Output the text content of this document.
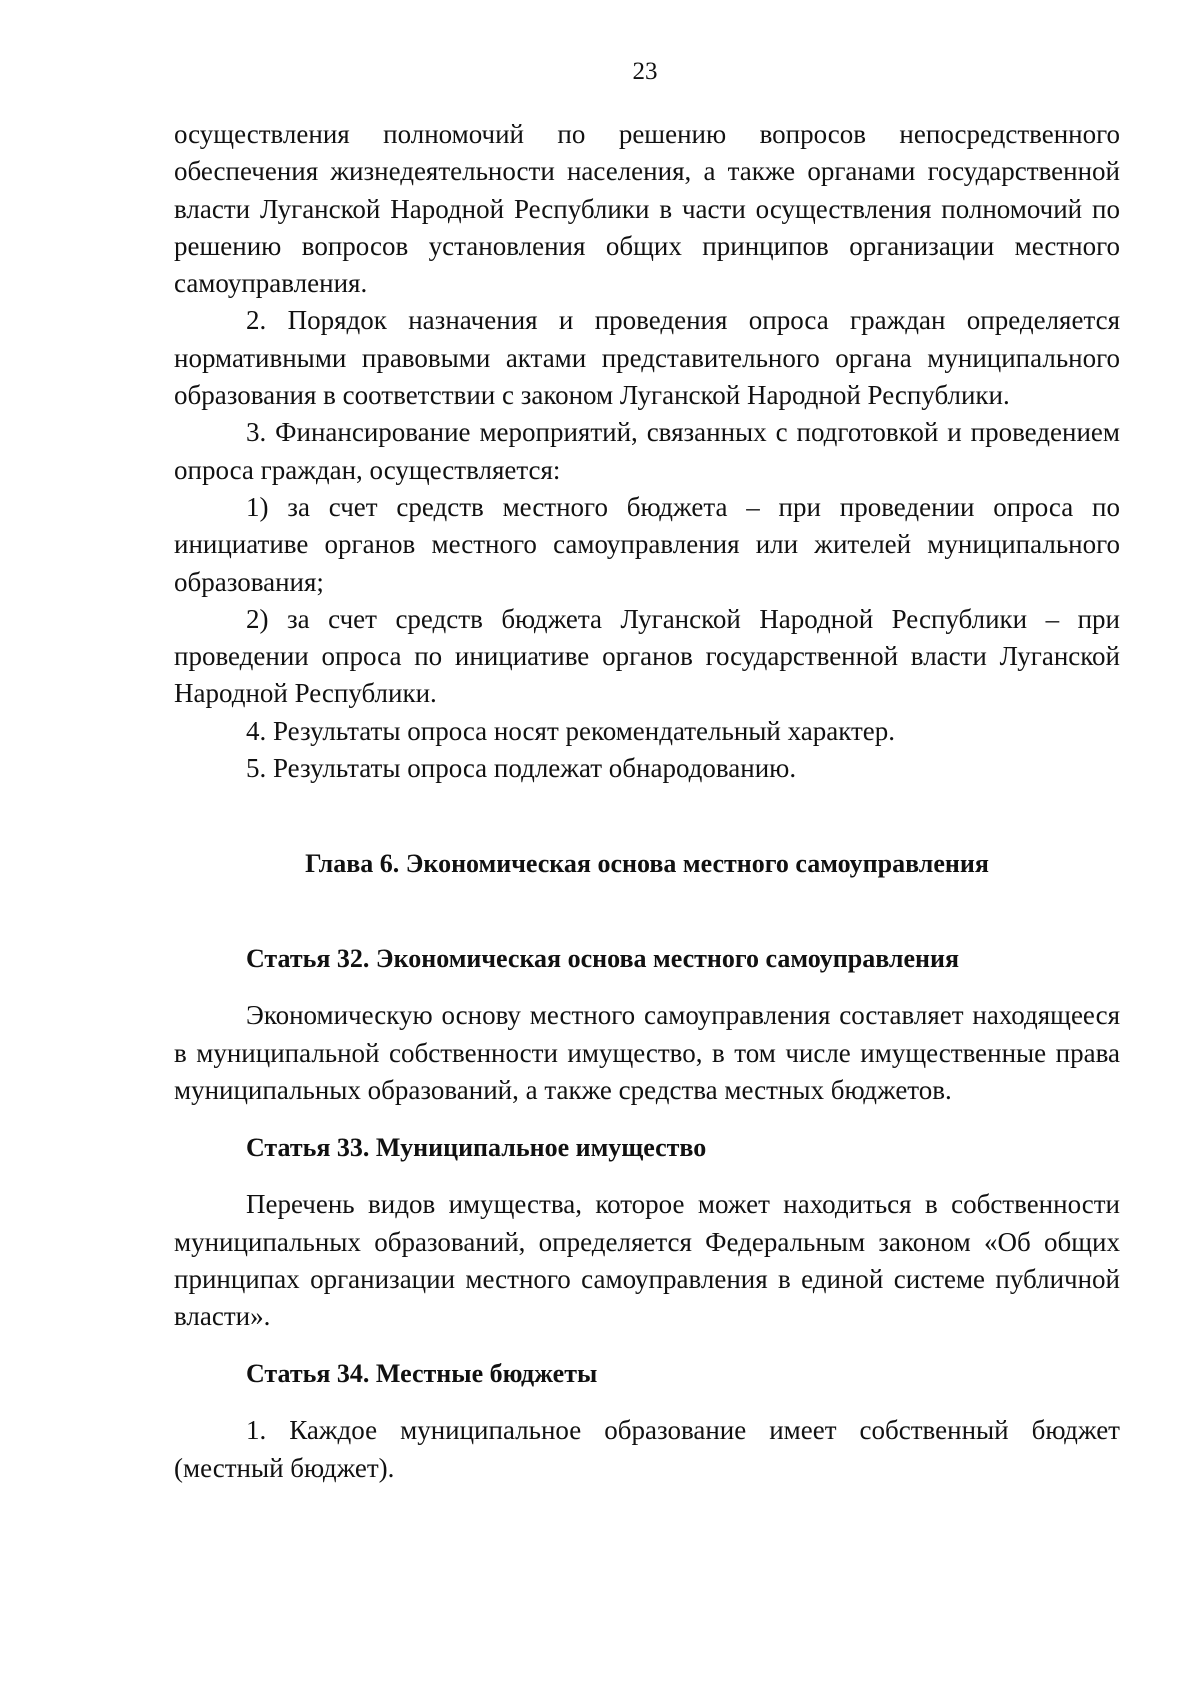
23

осуществления полномочий по решению вопросов непосредственного обеспечения жизнедеятельности населения, а также органами государственной власти Луганской Народной Республики в части осуществления полномочий по решению вопросов установления общих принципов организации местного самоуправления.

2. Порядок назначения и проведения опроса граждан определяется нормативными правовыми актами представительного органа муниципального образования в соответствии с законом Луганской Народной Республики.

3. Финансирование мероприятий, связанных с подготовкой и проведением опроса граждан, осуществляется:

1) за счет средств местного бюджета – при проведении опроса по инициативе органов местного самоуправления или жителей муниципального образования;

2) за счет средств бюджета Луганской Народной Республики – при проведении опроса по инициативе органов государственной власти Луганской Народной Республики.

4. Результаты опроса носят рекомендательный характер.

5. Результаты опроса подлежат обнародованию.

Глава 6. Экономическая основа местного самоуправления
Статья 32. Экономическая основа местного самоуправления

Экономическую основу местного самоуправления составляет находящееся в муниципальной собственности имущество, в том числе имущественные права муниципальных образований, а также средства местных бюджетов.

Статья 33. Муниципальное имущество

Перечень видов имущества, которое может находиться в собственности муниципальных образований, определяется Федеральным законом «Об общих принципах организации местного самоуправления в единой системе публичной власти».

Статья 34. Местные бюджеты

1. Каждое муниципальное образование имеет собственный бюджет (местный бюджет).
